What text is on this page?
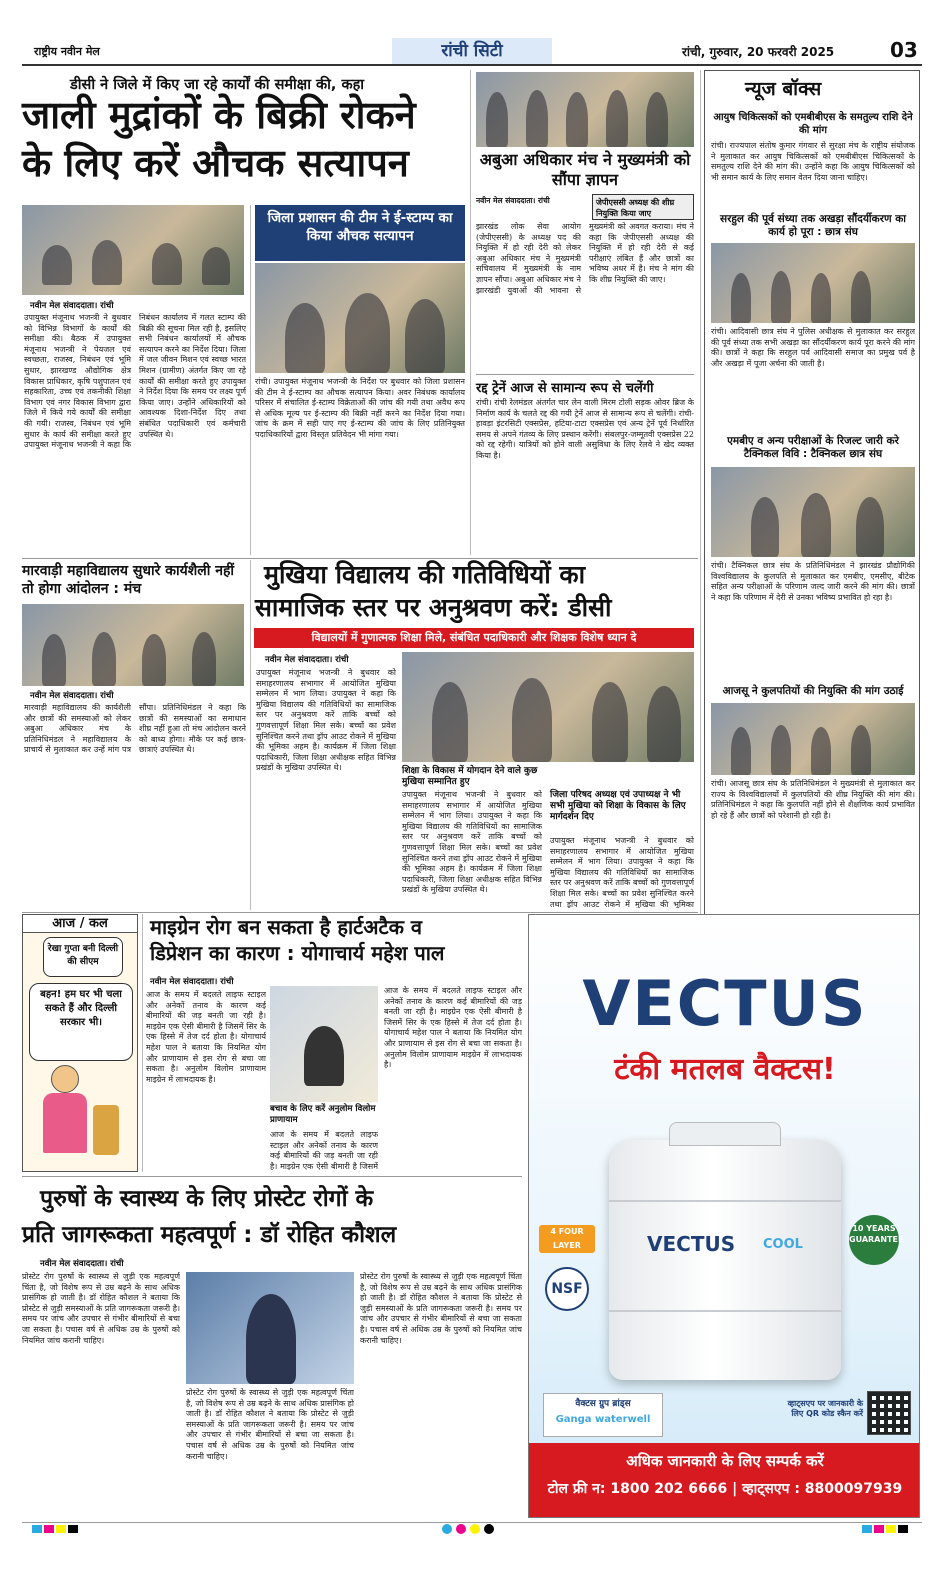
राष्ट्रीय नवीन मेल	रांची सिटी	रांची, गुरुवार, 20 फरवरी 2025	03
डीसी ने जिले में किए जा रहे कार्यों की समीक्षा की, कहा
जाली मुद्रांकों के बिक्री रोकने
के लिए करें औचक सत्यापन
नवीन मेल संवाददाता। रांची
उपायुक्त मंजूनाथ भजन्त्री ने बुधवार को विभिन्न विभागों के कार्यों की समीक्षा की। बैठक में उपायुक्त मंजूनाथ भजन्त्री ने पेयजल एवं स्वच्छता, राजस्व, निबंधन एवं भूमि सुधार, झारखण्ड औद्योगिक क्षेत्र विकास प्राधिकार, कृषि पशुपालन एवं सहकारिता, उच्च एवं तकनीकी शिक्षा विभाग एवं नगर विकास विभाग द्वारा जिले में किये गये कार्यों की समीक्षा की गयी। राजस्व, निबंधन एवं भूमि सुधार के कार्य की समीक्षा करते हुए उपायुक्त मंजूनाथ भजन्त्री ने कहा कि निबंधन कार्यालय में गलत स्टाम्प की बिक्री की सूचना मिल रही है, इसलिए सभी निबंधन कार्यालयों में औचक सत्यापन करने का निर्देश दिया। जिला में जल जीवन मिशन एवं स्वच्छ भारत मिशन (ग्रामीण) अंतर्गत किए जा रहे कार्यों की समीक्षा करते हुए उपायुक्त ने निर्देश दिया कि समय पर लक्ष्य पूर्ण किया जाए। उन्होंने अधिकारियों को आवश्यक दिशा-निर्देश दिए तथा संबंधित पदाधिकारी एवं कर्मचारी उपस्थित थे।
जिला प्रशासन की टीम ने ई-स्टाम्प का किया औचक सत्यापन
रांची। उपायुक्त मंजूनाथ भजन्त्री के निर्देश पर बुधवार को जिला प्रशासन की टीम ने ई-स्टाम्प का औचक सत्यापन किया। अवर निबंधक कार्यालय परिसर में संचालित ई-स्टाम्प विक्रेताओं की जांच की गयी तथा अवैध रूप से अधिक मूल्य पर ई-स्टाम्प की बिक्री नहीं करने का निर्देश दिया गया। जांच के क्रम में सही पाए गए ई-स्टाम्प की जांच के लिए प्रतिनियुक्त पदाधिकारियों द्वारा विस्तृत प्रतिवेदन भी मांगा गया।
अबुआ अधिकार मंच ने मुख्यमंत्री को सौंपा ज्ञापन
नवीन मेल संवाददाता। रांची	जेपीएससी अध्यक्ष की शीघ्र नियुक्ति किया जाए
झारखंड लोक सेवा आयोग (जेपीएससी) के अध्यक्ष पद की नियुक्ति में हो रही देरी को लेकर अबुआ अधिकार मंच ने मुख्यमंत्री सचिवालय में मुख्यमंत्री के नाम ज्ञापन सौंपा। अबुआ अधिकार मंच ने झारखंडी युवाओं की भावना से मुख्यमंत्री को अवगत कराया। मंच ने कहा कि जेपीएससी अध्यक्ष की नियुक्ति में हो रही देरी से कई परीक्षाएं लंबित हैं और छात्रों का भविष्य अधर में है। मंच ने मांग की कि शीघ्र नियुक्ति की जाए।
रद्द ट्रेनें आज से सामान्य रूप से चलेंगी
रांची। रांची रेलमंडल अंतर्गत चार लेन वाली मिरम टोली सड़क ओवर ब्रिज के निर्माण कार्य के चलते रद्द की गयी ट्रेनें आज से सामान्य रूप से चलेंगी। रांची-हावड़ा इंटरसिटी एक्सप्रेस, हटिया-टाटा एक्सप्रेस एवं अन्य ट्रेनें पूर्व निर्धारित समय से अपने गंतव्य के लिए प्रस्थान करेंगी। संबलपुर-जम्मूतवी एक्सप्रेस 22 को रद्द रहेगी। यात्रियों को होने वाली असुविधा के लिए रेलवे ने खेद व्यक्त किया है।
न्यूज बॉक्स
आयुष चिकित्सकों को एमबीबीएस के समतुल्य राशि देने की मांग
रांची। राज्यपाल संतोष कुमार गंगवार से सुरक्षा मंच के राष्ट्रीय संयोजक ने मुलाकात कर आयुष चिकित्सकों को एमबीबीएस चिकित्सकों के समतुल्य राशि देने की मांग की। उन्होंने कहा कि आयुष चिकित्सकों को भी समान कार्य के लिए समान वेतन दिया जाना चाहिए।
सरहुल की पूर्व संध्या तक अखड़ा सौंदर्यीकरण का कार्य हो पूरा : छात्र संघ
रांची। आदिवासी छात्र संघ ने पुलिस अधीक्षक से मुलाकात कर सरहुल की पूर्व संध्या तक सभी अखड़ा का सौंदर्यीकरण कार्य पूरा करने की मांग की। छात्रों ने कहा कि सरहुल पर्व आदिवासी समाज का प्रमुख पर्व है और अखड़ा में पूजा अर्चना की जाती है।
एमबीए व अन्य परीक्षाओं के रिजल्ट जारी करे टैक्निकल विवि : टैक्निकल छात्र संघ
रांची। टैक्निकल छात्र संघ के प्रतिनिधिमंडल ने झारखंड प्रौद्योगिकी विश्वविद्यालय के कुलपति से मुलाकात कर एमबीए, एमसीए, बीटेक सहित अन्य परीक्षाओं के परिणाम जल्द जारी करने की मांग की। छात्रों ने कहा कि परिणाम में देरी से उनका भविष्य प्रभावित हो रहा है।
आजसू ने कुलपतियों की नियुक्ति की मांग उठाई
रांची। आजसू छात्र संघ के प्रतिनिधिमंडल ने मुख्यमंत्री से मुलाकात कर राज्य के विश्वविद्यालयों में कुलपतियों की शीघ्र नियुक्ति की मांग की। प्रतिनिधिमंडल ने कहा कि कुलपति नहीं होने से शैक्षणिक कार्य प्रभावित हो रहे हैं और छात्रों को परेशानी हो रही है।
मारवाड़ी महाविद्यालय सुधारे कार्यशैली नहीं तो होगा आंदोलन : मंच
नवीन मेल संवाददाता। रांची
मारवाड़ी महाविद्यालय की कार्यशैली और छात्रों की समस्याओं को लेकर अबुआ अधिकार मंच के प्रतिनिधिमंडल ने महाविद्यालय के प्राचार्य से मुलाकात कर उन्हें मांग पत्र सौंपा। प्रतिनिधिमंडल ने कहा कि छात्रों की समस्याओं का समाधान शीघ्र नहीं हुआ तो मंच आंदोलन करने को बाध्य होगा। मौके पर कई छात्र-छात्राएं उपस्थित थे।
मुखिया विद्यालय की गतिविधियों का
सामाजिक स्तर पर अनुश्रवण करें: डीसी
विद्यालयों में गुणात्मक शिक्षा मिले, संबंधित पदाधिकारी और शिक्षक विशेष ध्यान दे
नवीन मेल संवाददाता। रांची
उपायुक्त मंजूनाथ भजन्त्री ने बुधवार को समाहरणालय सभागार में आयोजित मुखिया सम्मेलन में भाग लिया। उपायुक्त ने कहा कि मुखिया विद्यालय की गतिविधियों का सामाजिक स्तर पर अनुश्रवण करें ताकि बच्चों को गुणवत्तापूर्ण शिक्षा मिल सके। बच्चों का प्रवेश सुनिश्चित करने तथा ड्रॉप आउट रोकने में मुखिया की भूमिका अहम है। कार्यक्रम में जिला शिक्षा पदाधिकारी, जिला शिक्षा अधीक्षक सहित विभिन्न प्रखंडों के मुखिया उपस्थित थे।	शिक्षा के विकास में योगदान देने वाले कुछ मुखिया सम्मानित हुए
उपायुक्त मंजूनाथ भजन्त्री ने बुधवार को समाहरणालय सभागार में आयोजित मुखिया सम्मेलन में भाग लिया। उपायुक्त ने कहा कि मुखिया विद्यालय की गतिविधियों का सामाजिक स्तर पर अनुश्रवण करें ताकि बच्चों को गुणवत्तापूर्ण शिक्षा मिल सके। बच्चों का प्रवेश सुनिश्चित करने तथा ड्रॉप आउट रोकने में मुखिया की भूमिका अहम है। कार्यक्रम में जिला शिक्षा पदाधिकारी, जिला शिक्षा अधीक्षक सहित विभिन्न प्रखंडों के मुखिया उपस्थित थे।
जिला परिषद अध्यक्ष एवं उपाध्यक्ष ने भी सभी मुखिया को शिक्षा के विकास के लिए मार्गदर्शन दिए
उपायुक्त मंजूनाथ भजन्त्री ने बुधवार को समाहरणालय सभागार में आयोजित मुखिया सम्मेलन में भाग लिया। उपायुक्त ने कहा कि मुखिया विद्यालय की गतिविधियों का सामाजिक स्तर पर अनुश्रवण करें ताकि बच्चों को गुणवत्तापूर्ण शिक्षा मिल सके। बच्चों का प्रवेश सुनिश्चित करने तथा ड्रॉप आउट रोकने में मुखिया की भूमिका
आज / कल
रेखा गुप्ता बनी दिल्ली की सीएम
बहन! हम घर भी चला सकते हैं और दिल्ली सरकार भी।
माइग्रेन रोग बन सकता है हार्टअटैक व
डिप्रेशन का कारण : योगाचार्य महेश पाल
नवीन मेल संवाददाता। रांची
आज के समय में बदलते लाइफ स्टाइल और अनेकों तनाव के कारण कई बीमारियों की जड़ बनती जा रही है। माइग्रेन एक ऐसी बीमारी है जिसमें सिर के एक हिस्से में तेज दर्द होता है। योगाचार्य महेश पाल ने बताया कि नियमित योग और प्राणायाम से इस रोग से बचा जा सकता है। अनुलोम विलोम प्राणायाम माइग्रेन में लाभदायक है।
बचाव के लिए करें अनुलोम विलोम प्राणायाम
आज के समय में बदलते लाइफ स्टाइल और अनेकों तनाव के कारण कई बीमारियों की जड़ बनती जा रही है। माइग्रेन एक ऐसी बीमारी है जिसमें
आज के समय में बदलते लाइफ स्टाइल और अनेकों तनाव के कारण कई बीमारियों की जड़ बनती जा रही है। माइग्रेन एक ऐसी बीमारी है जिसमें सिर के एक हिस्से में तेज दर्द होता है। योगाचार्य महेश पाल ने बताया कि नियमित योग और प्राणायाम से इस रोग से बचा जा सकता है। अनुलोम विलोम प्राणायाम माइग्रेन में लाभदायक है।
पुरुषों के स्वास्थ्य के लिए प्रोस्टेट रोगों के
प्रति जागरूकता महत्वपूर्ण : डॉ रोहित कौशल
नवीन मेल संवाददाता। रांची
प्रोस्टेट रोग पुरुषों के स्वास्थ्य से जुड़ी एक महत्वपूर्ण चिंता है, जो विशेष रूप से उम्र बढ़ने के साथ अधिक प्रासंगिक हो जाती है। डॉ रोहित कौशल ने बताया कि प्रोस्टेट से जुड़ी समस्याओं के प्रति जागरूकता जरूरी है। समय पर जांच और उपचार से गंभीर बीमारियों से बचा जा सकता है। पचास वर्ष से अधिक उम्र के पुरुषों को नियमित जांच करानी चाहिए।
प्रोस्टेट रोग पुरुषों के स्वास्थ्य से जुड़ी एक महत्वपूर्ण चिंता है, जो विशेष रूप से उम्र बढ़ने के साथ अधिक प्रासंगिक हो जाती है। डॉ रोहित कौशल ने बताया कि प्रोस्टेट से जुड़ी समस्याओं के प्रति जागरूकता जरूरी है। समय पर जांच और उपचार से गंभीर बीमारियों से बचा जा सकता है। पचास वर्ष से अधिक उम्र के पुरुषों को नियमित जांच करानी चाहिए।
प्रोस्टेट रोग पुरुषों के स्वास्थ्य से जुड़ी एक महत्वपूर्ण चिंता है, जो विशेष रूप से उम्र बढ़ने के साथ अधिक प्रासंगिक हो जाती है। डॉ रोहित कौशल ने बताया कि प्रोस्टेट से जुड़ी समस्याओं के प्रति जागरूकता जरूरी है। समय पर जांच और उपचार से गंभीर बीमारियों से बचा जा सकता है। पचास वर्ष से अधिक उम्र के पुरुषों को नियमित जांच करानी चाहिए।
VECTUS
टंकी मतलब वैक्टस!
VECTUS COOL
4 FOUR LAYER
NSF
10 YEARS GUARANTEE
वैक्टस ग्रुप ब्रांड्स
Ganga waterwell
व्हाट्सएप पर जानकारी के लिए QR कोड स्कैन करें
अधिक जानकारी के लिए सम्पर्क करें
टोल फ्री न: 1800 202 6666 | व्हाट्सएप : 8800097939
